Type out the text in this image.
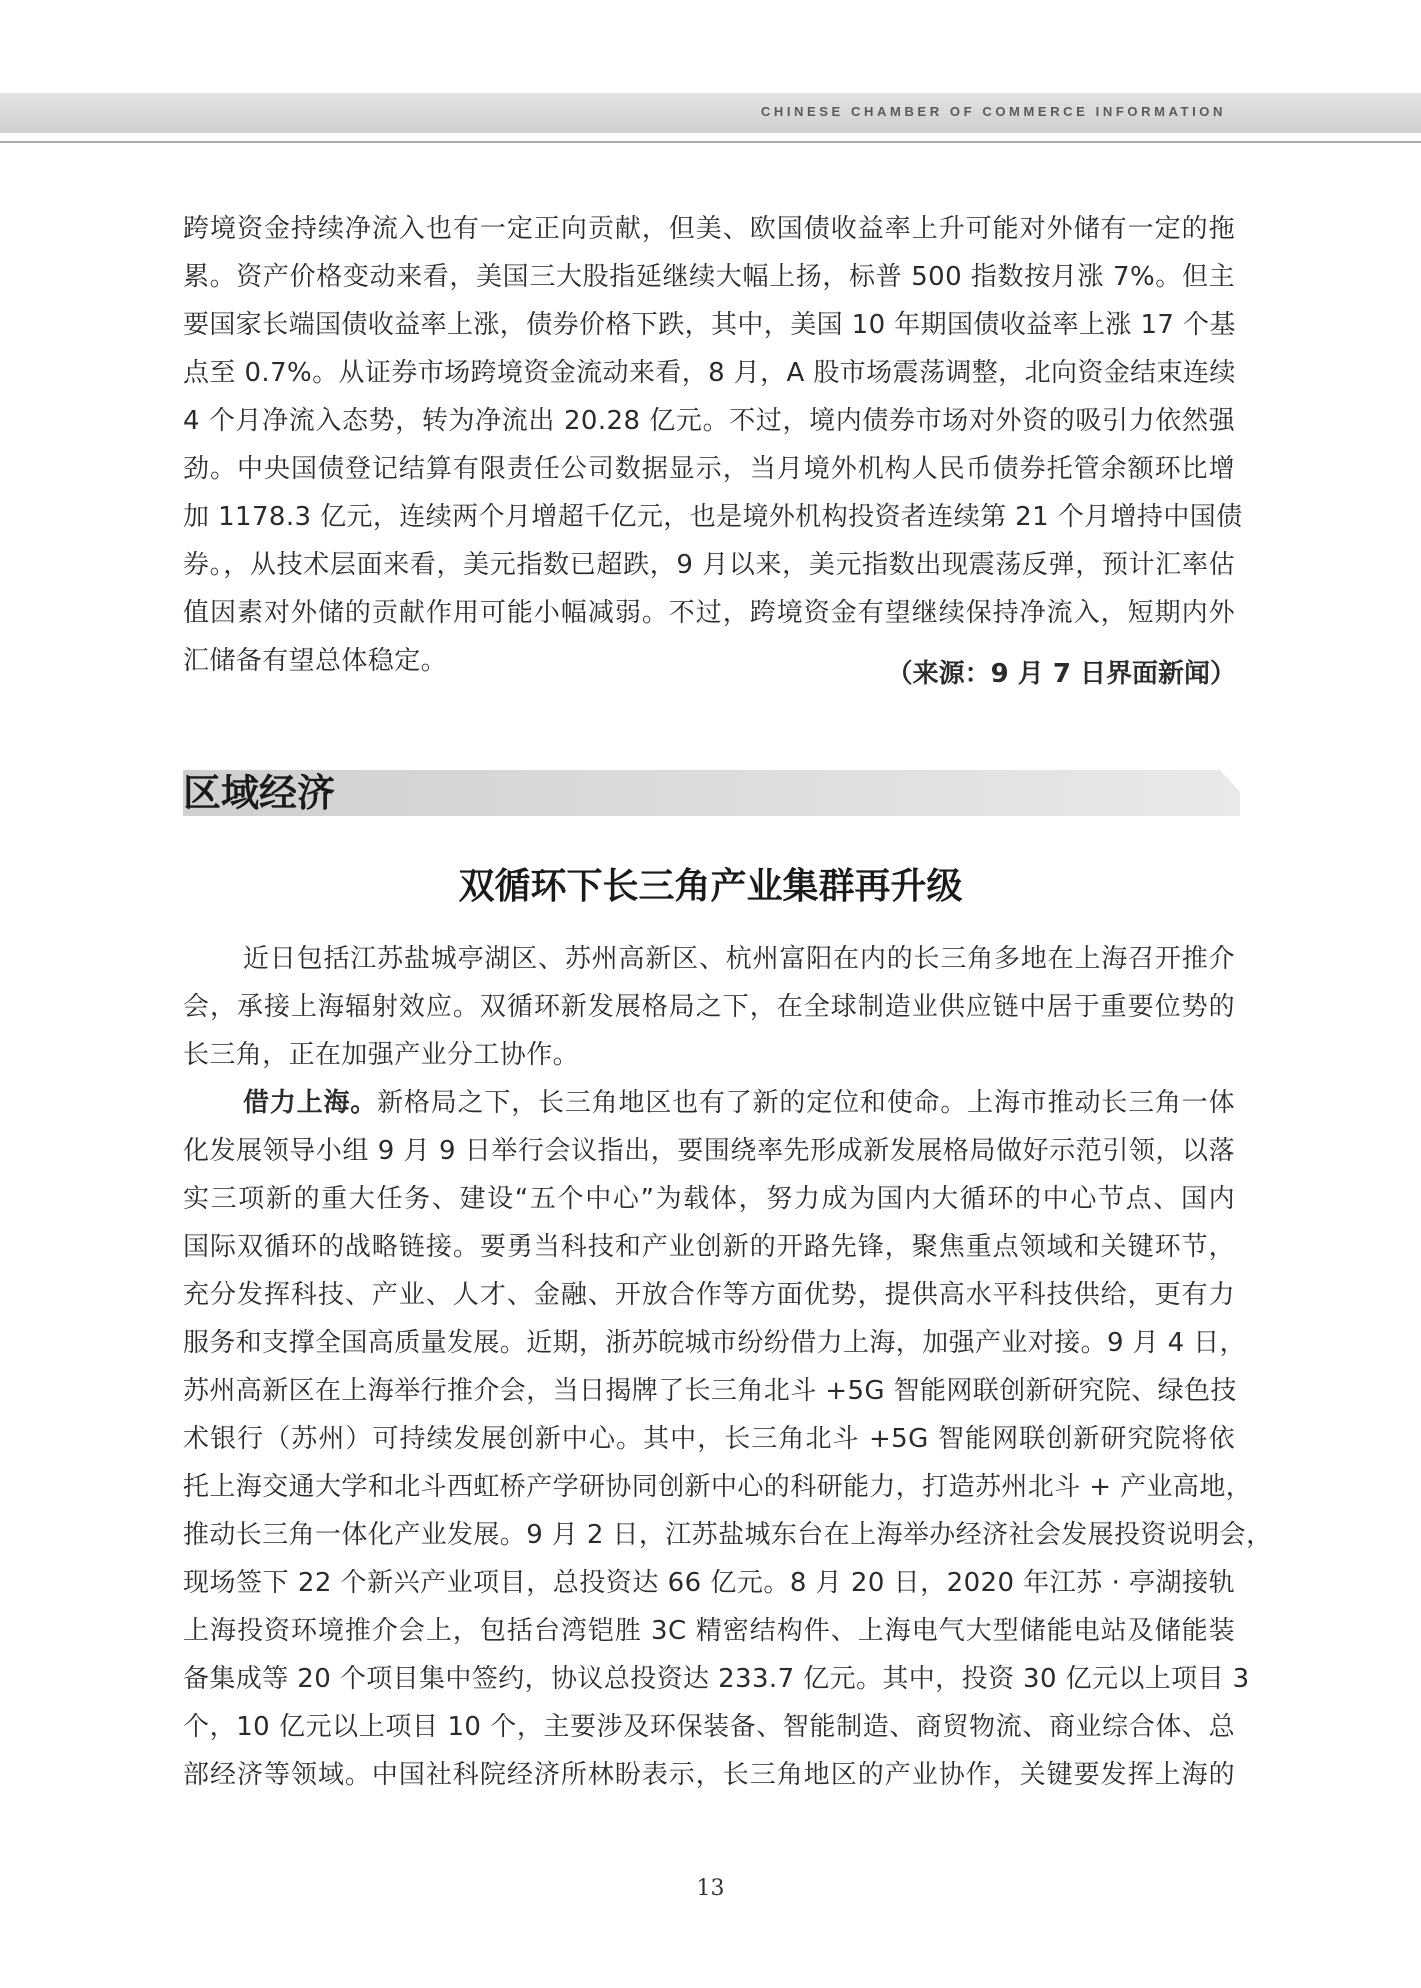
CHINESE CHAMBER OF COMMERCE INFORMATION
跨境资金持续净流入也有一定正向贡献，但美、欧国债收益率上升可能对外储有一定的拖
累。资产价格变动来看，美国三大股指延继续大幅上扬，标普 500 指数按月涨 7%。但主
要国家长端国债收益率上涨，债券价格下跌，其中，美国 10 年期国债收益率上涨 17 个基
点至 0.7%。从证券市场跨境资金流动来看，8 月，A 股市场震荡调整，北向资金结束连续
4 个月净流入态势，转为净流出 20.28 亿元。不过，境内债券市场对外资的吸引力依然强
劲。中央国债登记结算有限责任公司数据显示，当月境外机构人民币债券托管余额环比增
加 1178.3 亿元，连续两个月增超千亿元，也是境外机构投资者连续第 21 个月增持中国债
券。，从技术层面来看，美元指数已超跌，9 月以来，美元指数出现震荡反弹，预计汇率估
值因素对外储的贡献作用可能小幅减弱。不过，跨境资金有望继续保持净流入，短期内外
汇储备有望总体稳定。	（来源：9 月 7 日界面新闻）
区域经济
双循环下长三角产业集群再升级
近日包括江苏盐城亭湖区、苏州高新区、杭州富阳在内的长三角多地在上海召开推介
会，承接上海辐射效应。双循环新发展格局之下，在全球制造业供应链中居于重要位势的
长三角，正在加强产业分工协作。
借力上海。新格局之下，长三角地区也有了新的定位和使命。上海市推动长三角一体
化发展领导小组 9 月 9 日举行会议指出，要围绕率先形成新发展格局做好示范引领，以落
实三项新的重大任务、建设“五个中心”为载体，努力成为国内大循环的中心节点、国内
国际双循环的战略链接。要勇当科技和产业创新的开路先锋，聚焦重点领域和关键环节，
充分发挥科技、产业、人才、金融、开放合作等方面优势，提供高水平科技供给，更有力
服务和支撑全国高质量发展。近期，浙苏皖城市纷纷借力上海，加强产业对接。9 月 4 日，
苏州高新区在上海举行推介会，当日揭牌了长三角北斗 +5G 智能网联创新研究院、绿色技
术银行（苏州）可持续发展创新中心。其中，长三角北斗 +5G 智能网联创新研究院将依
托上海交通大学和北斗西虹桥产学研协同创新中心的科研能力，打造苏州北斗 + 产业高地，
推动长三角一体化产业发展。9 月 2 日，江苏盐城东台在上海举办经济社会发展投资说明会，
现场签下 22 个新兴产业项目，总投资达 66 亿元。8 月 20 日，2020 年江苏 · 亭湖接轨
上海投资环境推介会上，包括台湾铠胜 3C 精密结构件、上海电气大型储能电站及储能装
备集成等 20 个项目集中签约，协议总投资达 233.7 亿元。其中，投资 30 亿元以上项目 3
个，10 亿元以上项目 10 个，主要涉及环保装备、智能制造、商贸物流、商业综合体、总
部经济等领域。中国社科院经济所林盼表示，长三角地区的产业协作，关键要发挥上海的
13
